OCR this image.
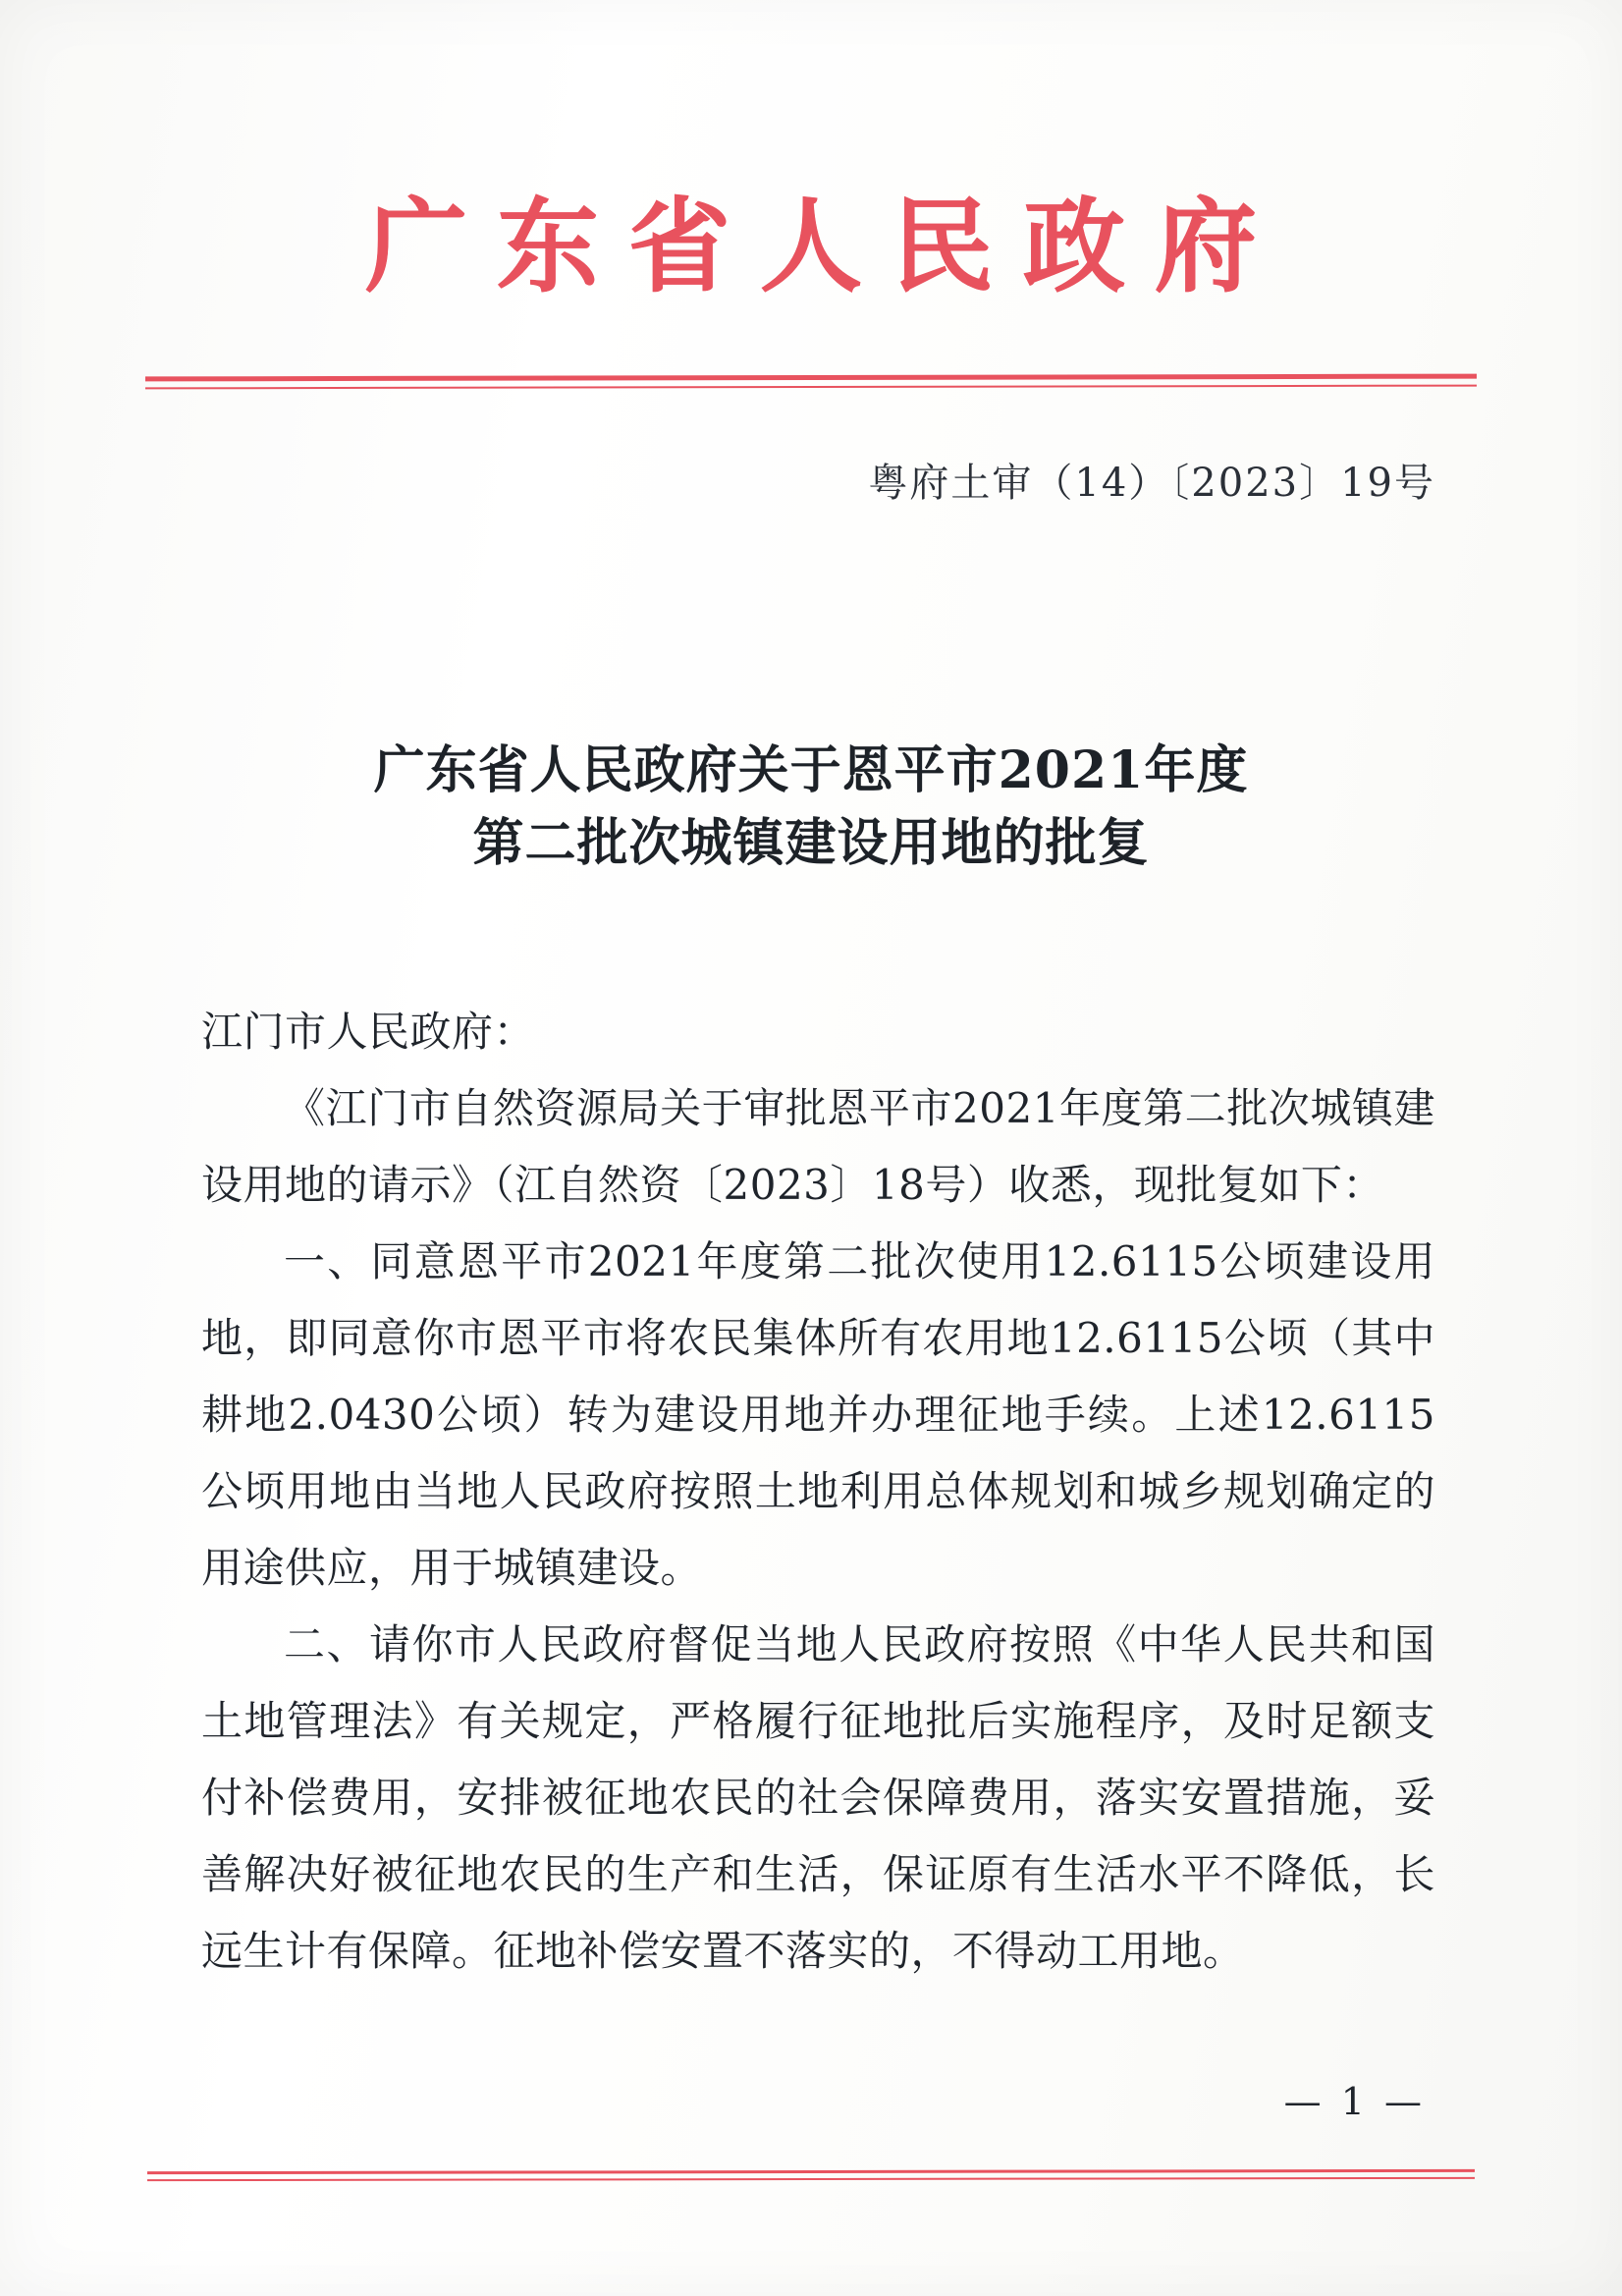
广东省人民政府
粤府土审（14）〔2023〕19号
广东省人民政府关于恩平市2021年度
第二批次城镇建设用地的批复

江门市人民政府：

《江门市自然资源局关于审批恩平市2021年度第二批次城镇建设用地的请示》（江自然资〔2023〕18号）收悉，现批复如下：

一、同意恩平市2021年度第二批次使用12.6115公顷建设用地，即同意你市恩平市将农民集体所有农用地12.6115公顷（其中耕地2.0430公顷）转为建设用地并办理征地手续。上述12.6115公顷用地由当地人民政府按照土地利用总体规划和城乡规划确定的用途供应，用于城镇建设。

二、请你市人民政府督促当地人民政府按照《中华人民共和国土地管理法》有关规定，严格履行征地批后实施程序，及时足额支付补偿费用，安排被征地农民的社会保障费用，落实安置措施，妥善解决好被征地农民的生产和生活，保证原有生活水平不降低，长远生计有保障。征地补偿安置不落实的，不得动工用地。

— 1 —
